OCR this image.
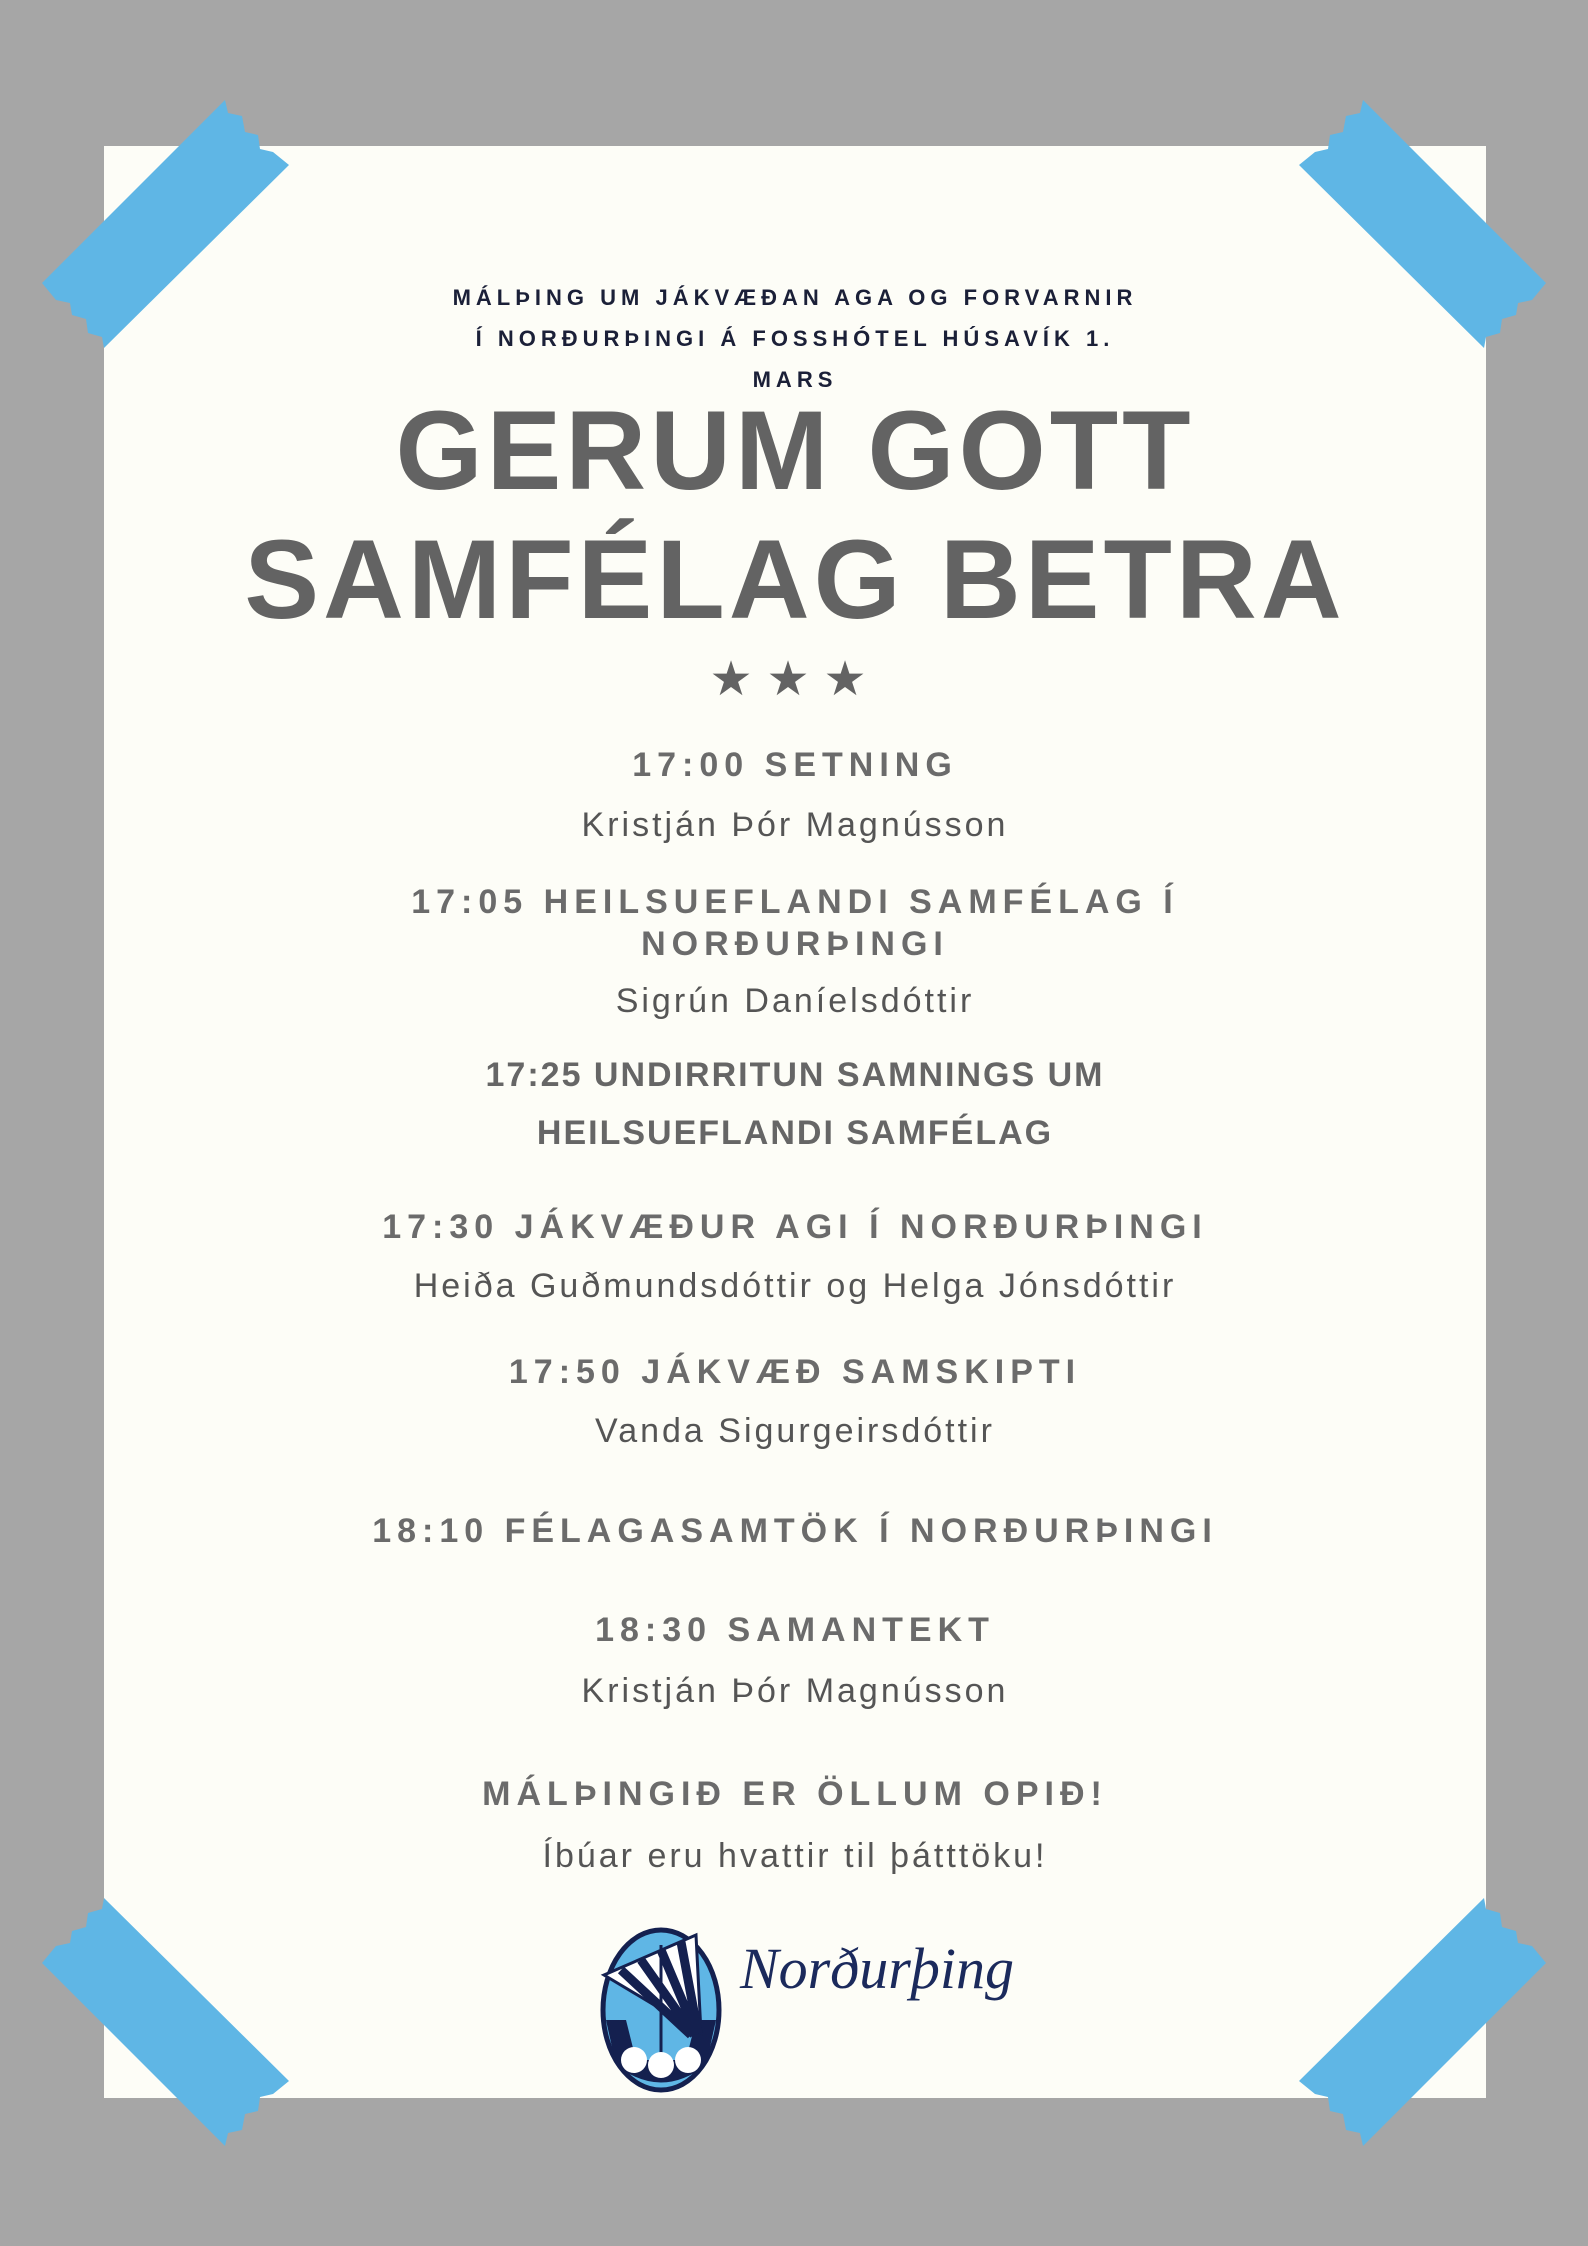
MÁLÞING UM JÁKVÆÐAN AGA OG FORVARNIR
Í NORÐURÞINGI Á FOSSHÓTEL HÚSAVÍK 1.
MARS
GERUM GOTT
SAMFÉLAG BETRA
★★★
17:00 SETNING
Kristján Þór Magnússon
17:05 HEILSUEFLANDI SAMFÉLAG Í
NORÐURÞINGI
Sigrún Daníelsdóttir
17:25 UNDIRRITUN SAMNINGS UM
HEILSUEFLANDI SAMFÉLAG
17:30 JÁKVÆÐUR AGI Í NORÐURÞINGI
Heiða Guðmundsdóttir og Helga Jónsdóttir
17:50 JÁKVÆÐ SAMSKIPTI
Vanda Sigurgeirsdóttir
18:10 FÉLAGASAMTÖK Í NORÐURÞINGI
18:30 SAMANTEKT
Kristján Þór Magnússon
MÁLÞINGIÐ ER ÖLLUM OPIÐ!
Íbúar eru hvattir til þátttöku!
Norðurþing
